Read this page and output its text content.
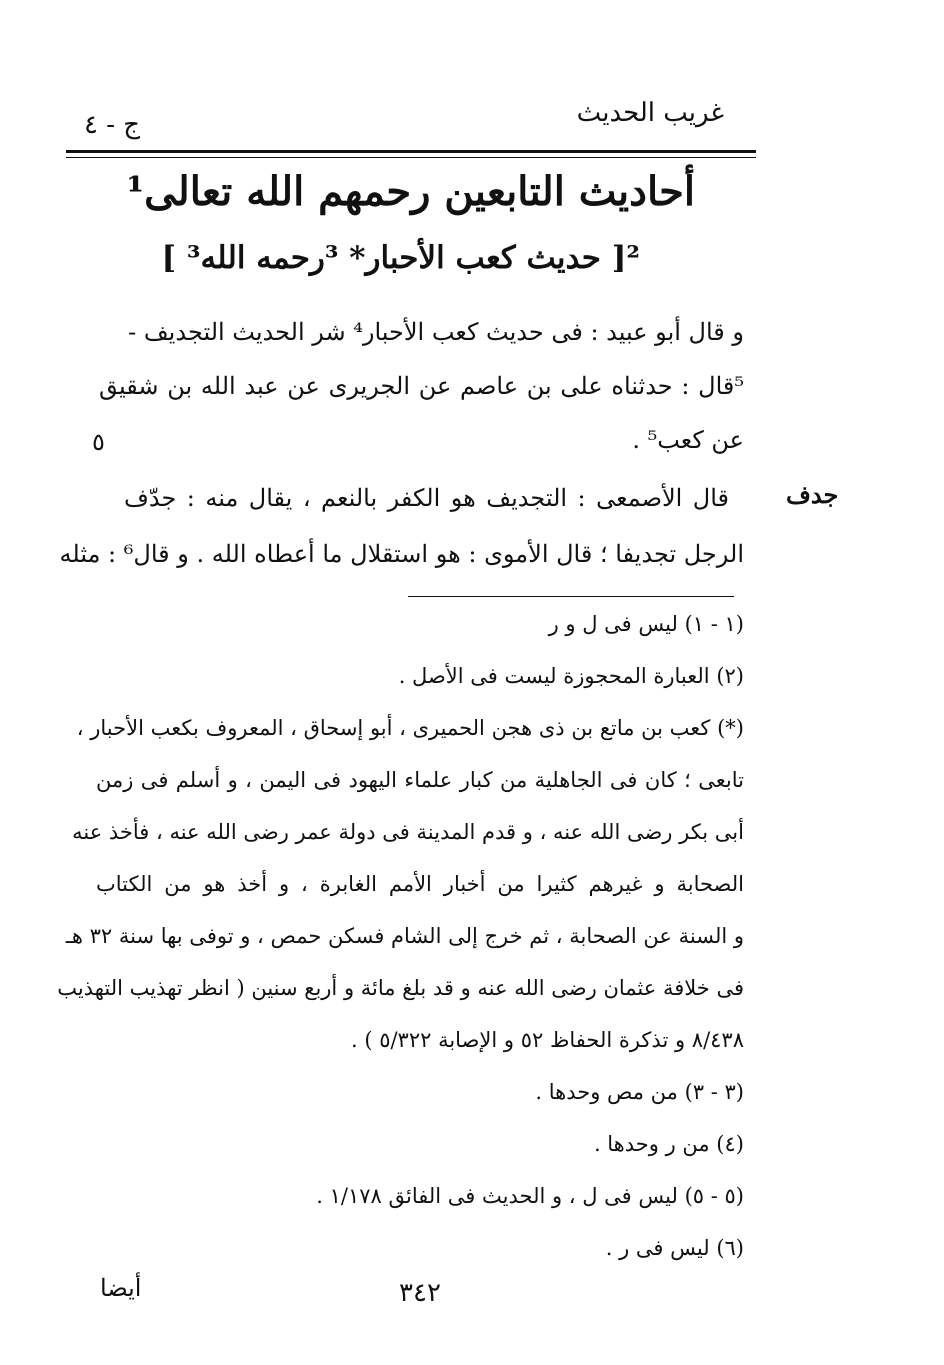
غريب الحديث
ج - ٤
أحاديث التابعين رحمهم الله تعالى¹
²[ حديث كعب الأحبار* ³رحمه الله³ ]
و قال أبو عبيد : فى حديث كعب الأحبار⁴ شر الحديث التجديف -
⁵قال : حدثناه على بن عاصم عن الجريرى عن عبد الله بن شقيق
عن كعب⁵ .
٥
قال الأصمعى : التجديف هو الكفر بالنعم ، يقال منه : جدّف
الرجل تجديفا ؛ قال الأموى : هو استقلال ما أعطاه الله . و قال⁶ : مثله
جدف
(١ - ١) ليس فى ل و ر
(٢) العبارة المحجوزة ليست فى الأصل .
(*) كعب بن ماتع بن ذى هجن الحميرى ، أبو إسحاق ، المعروف بكعب الأحبار ،
تابعى ؛ كان فى الجاهلية من كبار علماء اليهود فى اليمن ، و أسلم فى زمن
أبى بكر رضى الله عنه ، و قدم المدينة فى دولة عمر رضى الله عنه ، فأخذ عنه
الصحابة و غيرهم كثيرا من أخبار الأمم الغابرة ، و أخذ هو من الكتاب
و السنة عن الصحابة ، ثم خرج إلى الشام فسكن حمص ، و توفى بها سنة ٣٢ هـ
فى خلافة عثمان رضى الله عنه و قد بلغ مائة و أربع سنين ( انظر تهذيب التهذيب
٨/٤٣٨ و تذكرة الحفاظ ٥٢ و الإصابة ٥/٣٢٢ ) .
(٣ - ٣) من مص وحدها .
(٤) من ر وحدها .
(٥ - ٥) ليس فى ل ، و الحديث فى الفائق ١/١٧٨ .
(٦) ليس فى ر .
٣٤٢
أيضا
